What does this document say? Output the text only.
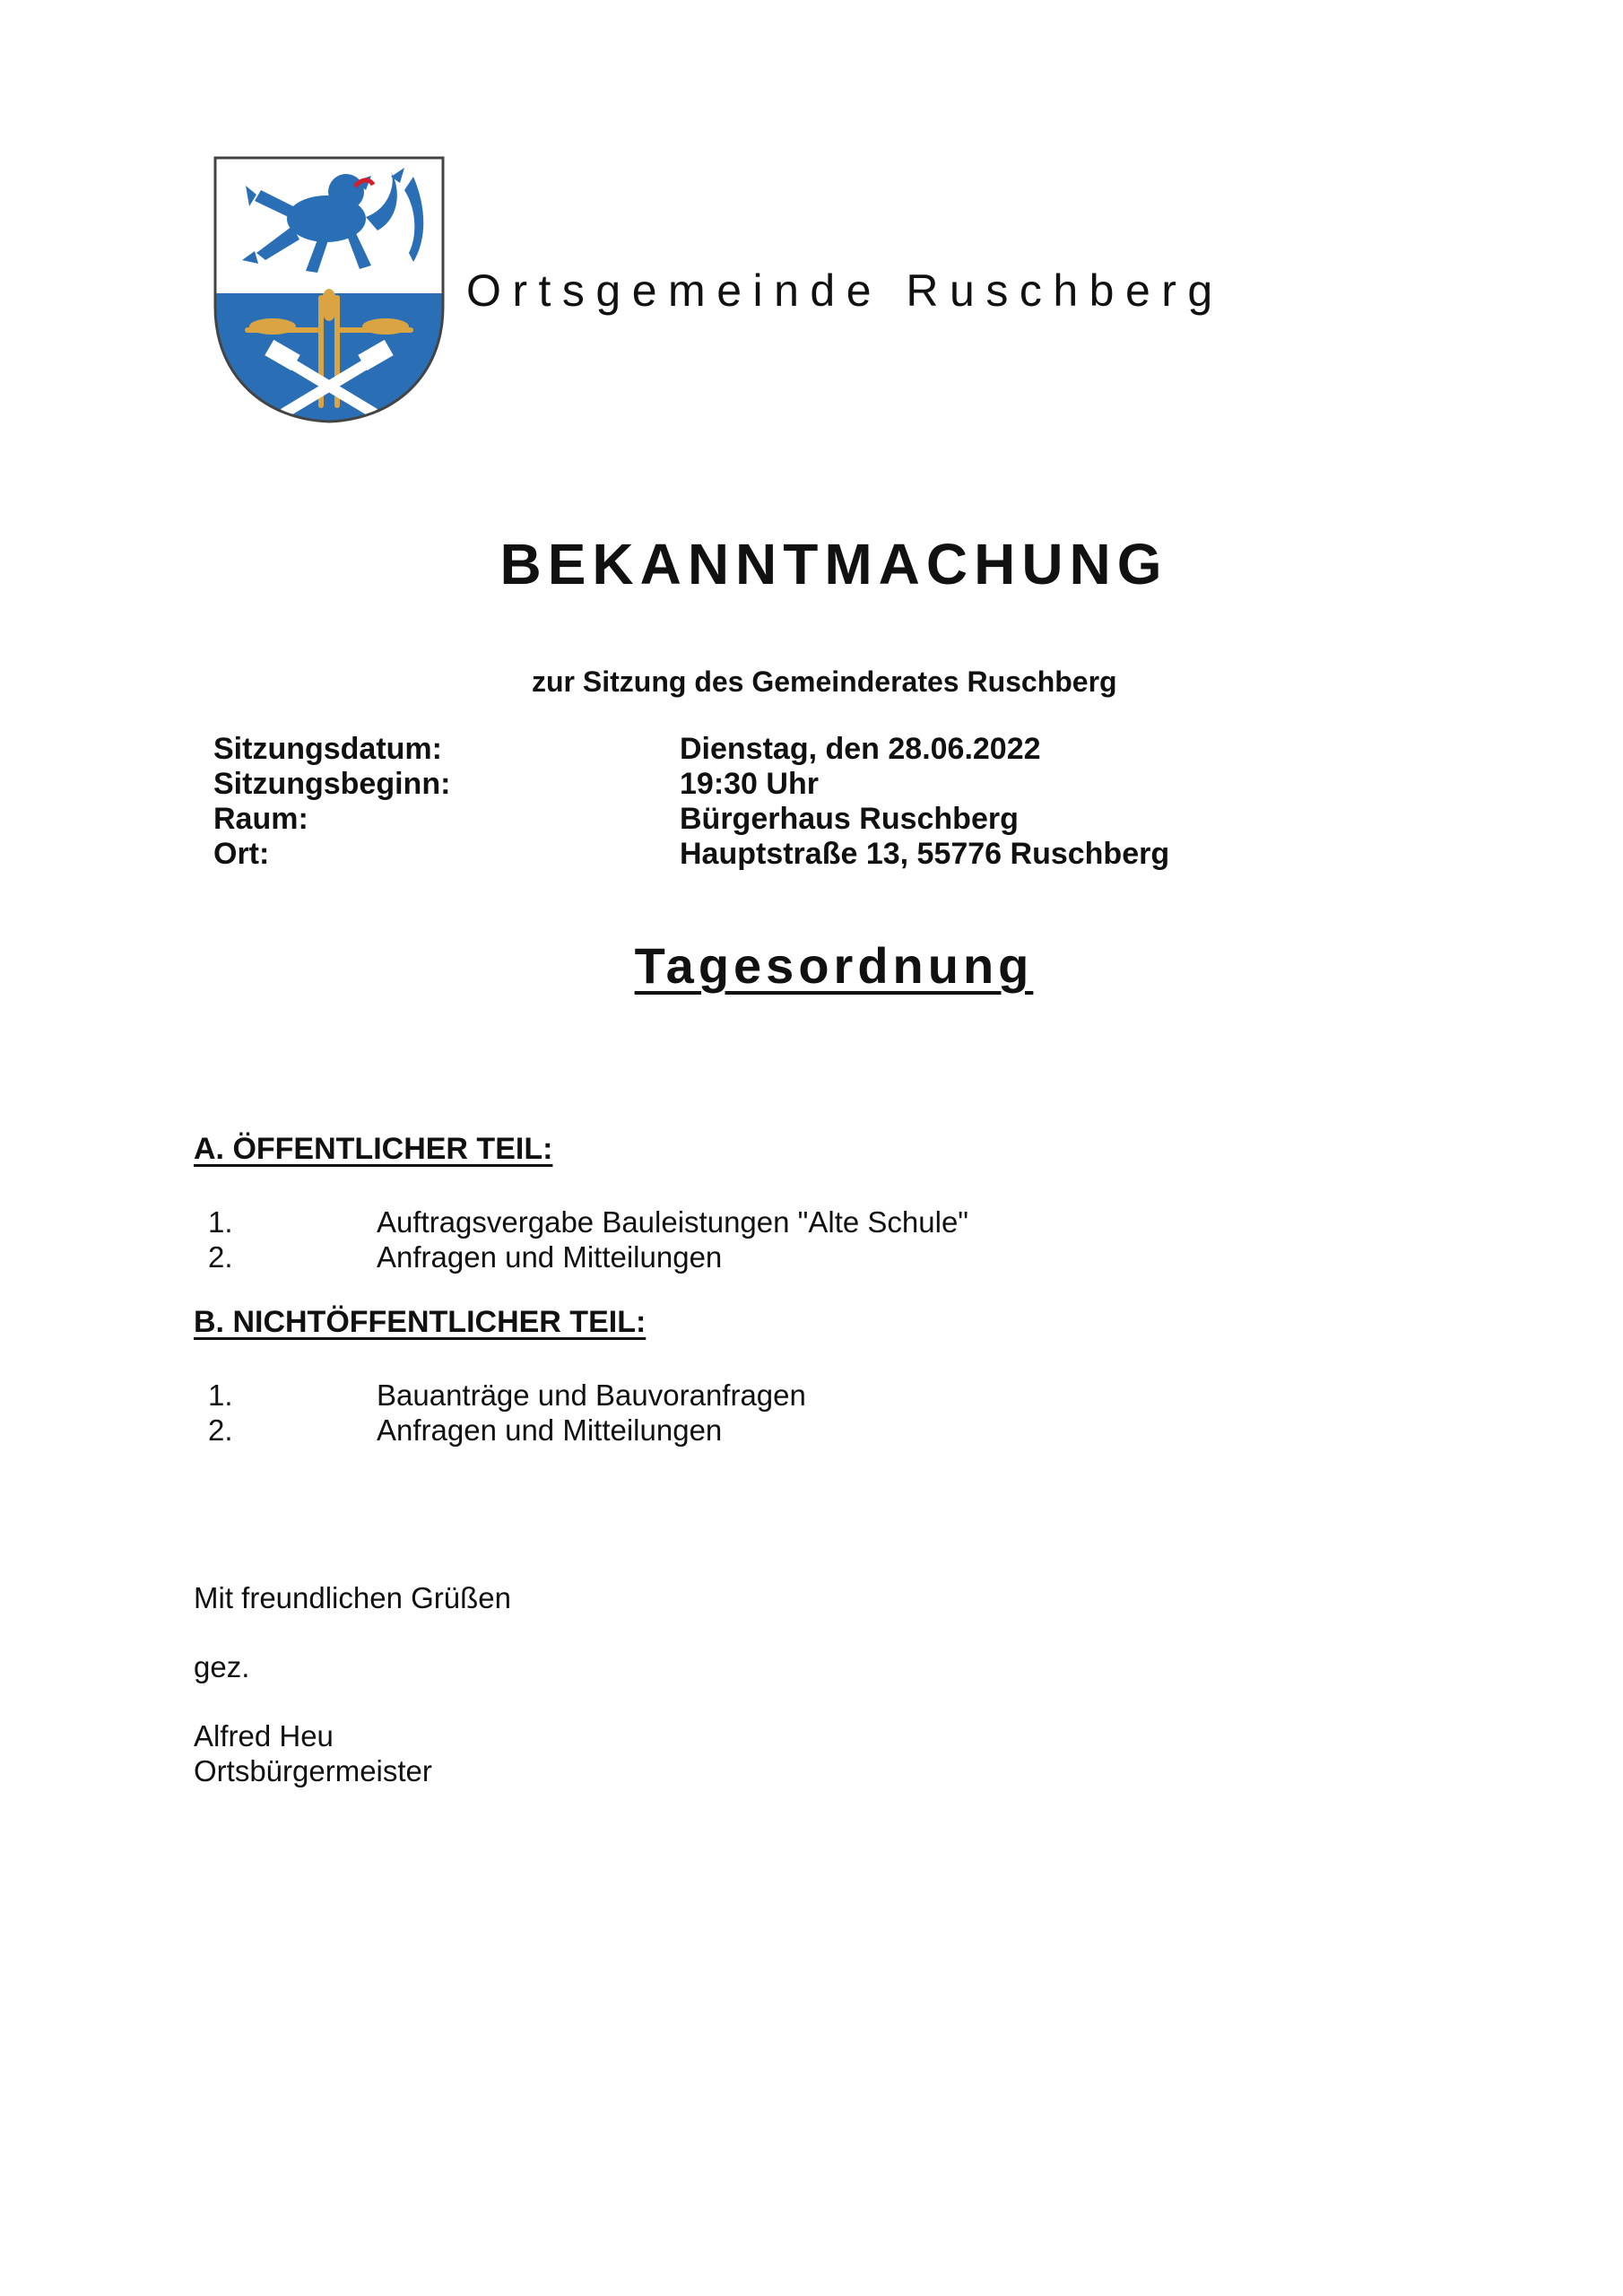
Ortsgemeinde Ruschberg
BEKANNTMACHUNG
zur Sitzung des Gemeinderates Ruschberg
Sitzungsdatum:	Dienstag, den 28.06.2022
Sitzungsbeginn:	19:30 Uhr
Raum:	Bürgerhaus Ruschberg
Ort:	Hauptstraße 13, 55776 Ruschberg
Tagesordnung
A. ÖFFENTLICHER TEIL:
1.	Auftragsvergabe Bauleistungen "Alte Schule"
2.	Anfragen und Mitteilungen
B. NICHTÖFFENTLICHER TEIL:
1.	Bauanträge und Bauvoranfragen
2.	Anfragen und Mitteilungen
Mit freundlichen Grüßen
gez.
Alfred Heu
Ortsbürgermeister
